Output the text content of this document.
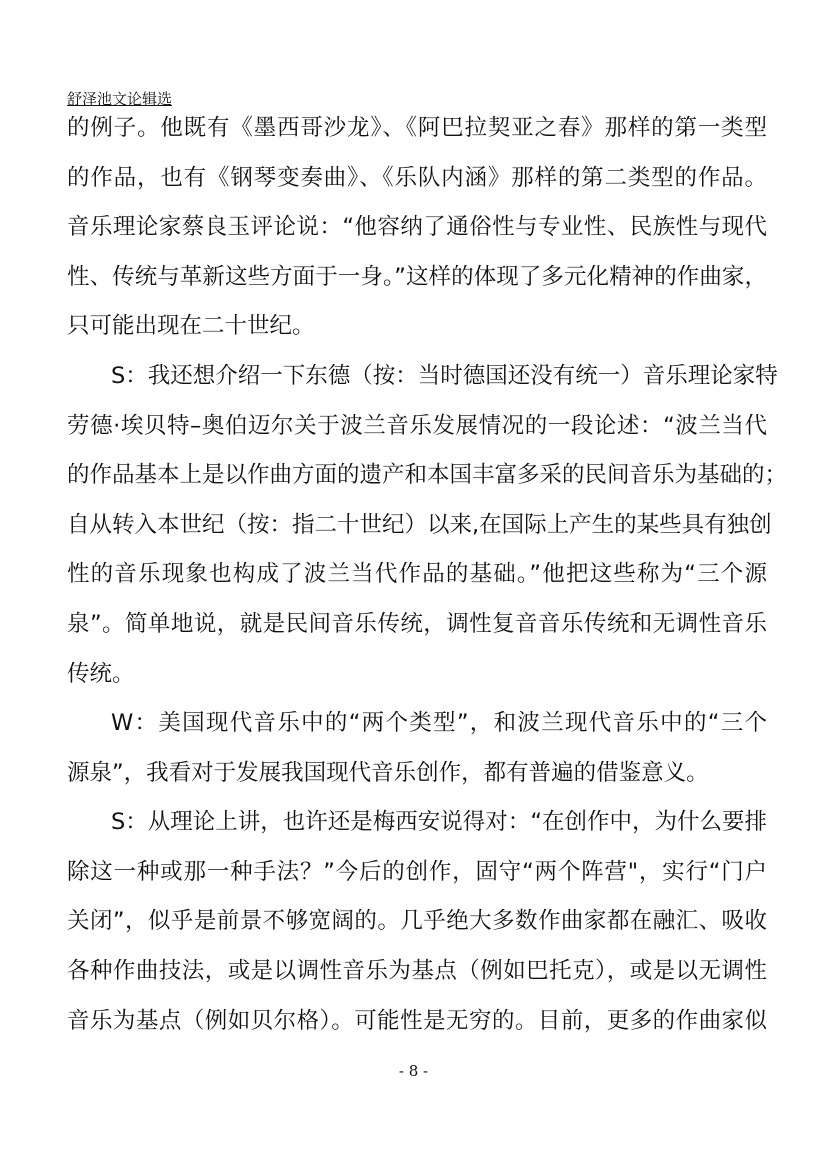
舒泽池文论辑选
的例子。他既有《墨西哥沙龙》、《阿巴拉契亚之春》那样的第一类型
的作品，也有《钢琴变奏曲》、《乐队内涵》那样的第二类型的作品。
音乐理论家蔡良玉评论说：“他容纳了通俗性与专业性、民族性与现代
性、传统与革新这些方面于一身。”这样的体现了多元化精神的作曲家，
只可能出现在二十世纪。
S：我还想介绍一下东德（按：当时德国还没有统一）音乐理论家特
劳德·埃贝特–奥伯迈尔关于波兰音乐发展情况的一段论述：“波兰当代
的作品基本上是以作曲方面的遗产和本国丰富多采的民间音乐为基础的；
自从转入本世纪（按：指二十世纪）以来,在国际上产生的某些具有独创
性的音乐现象也构成了波兰当代作品的基础。”他把这些称为“三个源
泉”。简单地说，就是民间音乐传统，调性复音音乐传统和无调性音乐
传统。
W：美国现代音乐中的“两个类型”，和波兰现代音乐中的“三个
源泉”，我看对于发展我国现代音乐创作，都有普遍的借鉴意义。
S：从理论上讲，也许还是梅西安说得对：“在创作中，为什么要排
除这一种或那一种手法？”今后的创作，固守“两个阵营"，实行“门户
关闭”，似乎是前景不够宽阔的。几乎绝大多数作曲家都在融汇、吸收
各种作曲技法，或是以调性音乐为基点（例如巴托克），或是以无调性
音乐为基点（例如贝尔格）。可能性是无穷的。目前，更多的作曲家似
- 8 -
